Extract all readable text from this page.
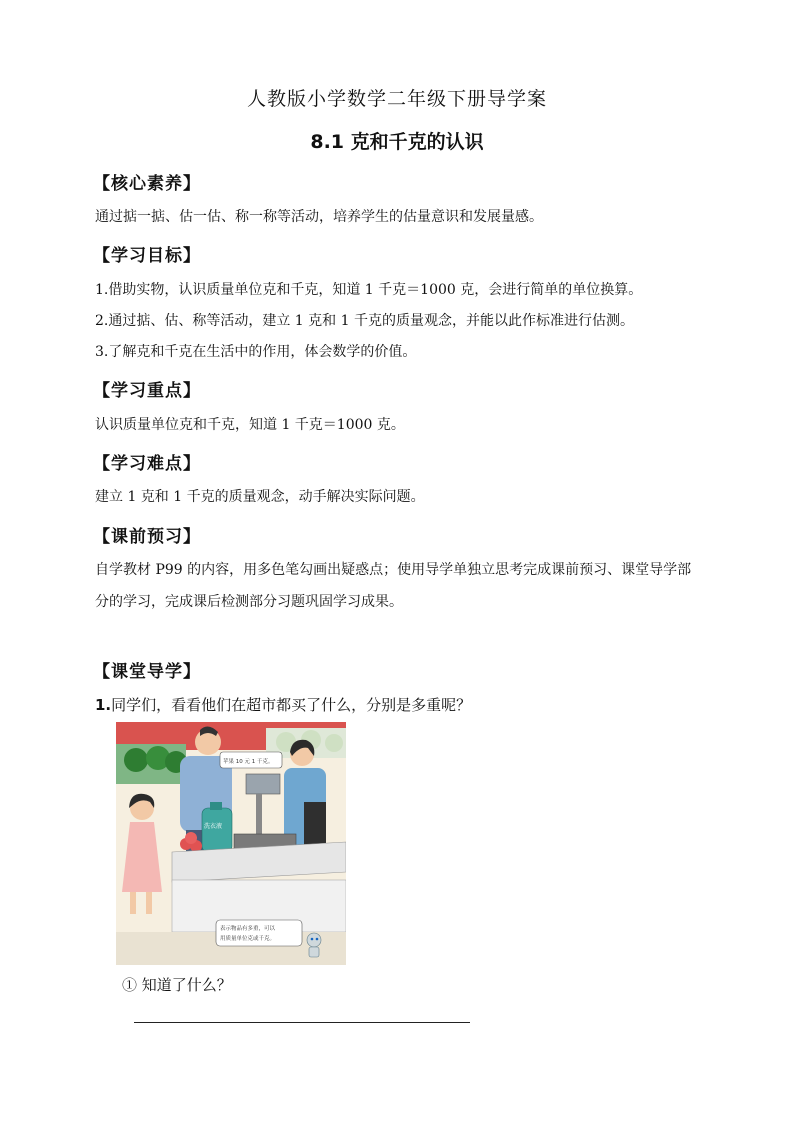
人教版小学数学二年级下册导学案
8.1 克和千克的认识
【核心素养】
通过掂一掂、估一估、称一称等活动，培养学生的估量意识和发展量感。
【学习目标】
1.借助实物，认识质量单位克和千克，知道 1 千克＝1000 克，会进行简单的单位换算。
2.通过掂、估、称等活动，建立 1 克和 1 千克的质量观念，并能以此作标准进行估测。
3.了解克和千克在生活中的作用，体会数学的价值。
【学习重点】
认识质量单位克和千克，知道 1 千克＝1000 克。
【学习难点】
建立 1 克和 1 千克的质量观念，动手解决实际问题。
【课前预习】
自学教材 P99 的内容，用多色笔勾画出疑惑点；使用导学单独立思考完成课前预习、课堂导学部分的学习，完成课后检测部分习题巩固学习成果。
【课堂导学】
1.同学们，看看他们在超市都买了什么，分别是多重呢？
苹果 10 元 1 千克。
洗衣液
表示物品有多重，可以
用质量单位克或千克。
① 知道了什么？
